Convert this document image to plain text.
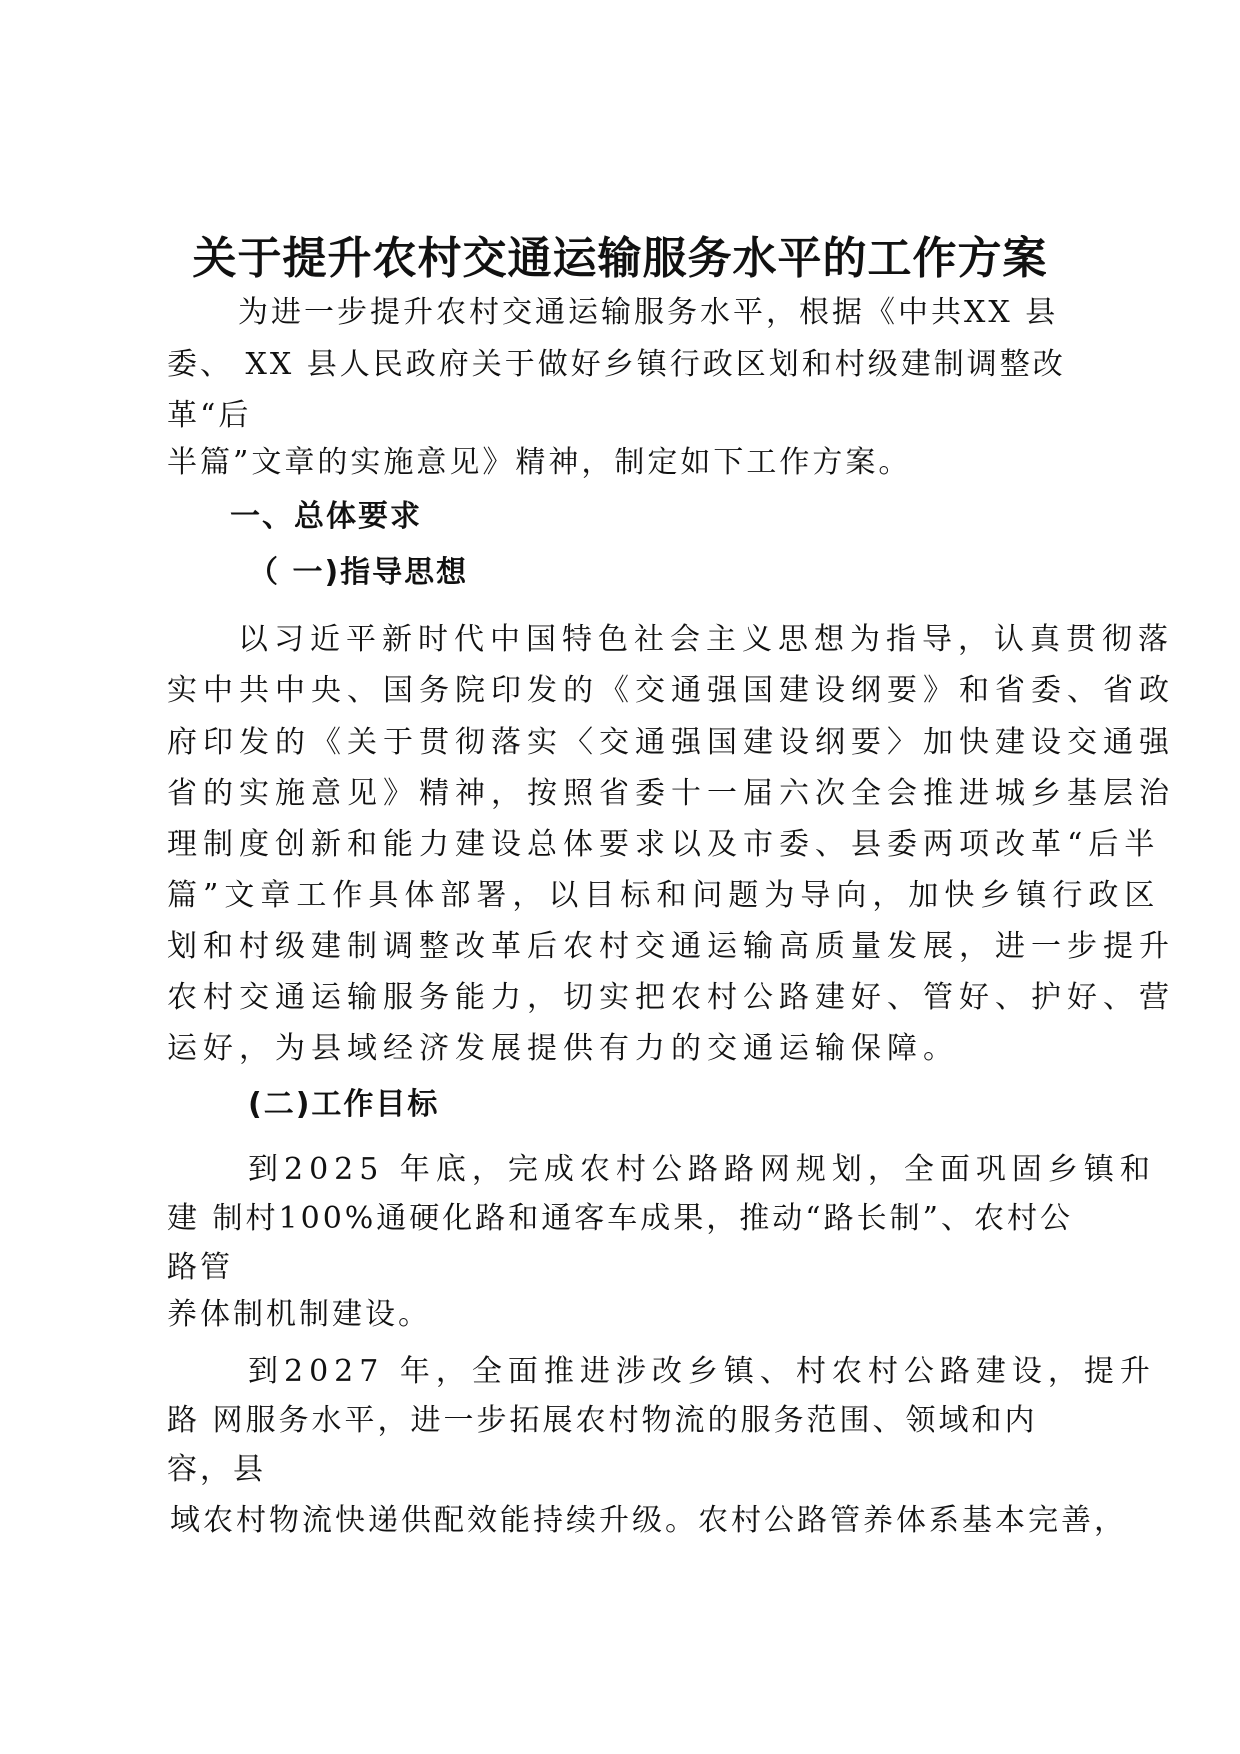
关于提升农村交通运输服务水平的工作方案
为进一步提升农村交通运输服务水平，根据《中共XX 县
委、 XX 县人民政府关于做好乡镇行政区划和村级建制调整改
革“后
半篇”文章的实施意见》精神，制定如下工作方案。
一、总体要求
（ 一)指导思想
以习近平新时代中国特色社会主义思想为指导，认真贯彻落
实中共中央、国务院印发的《交通强国建设纲要》和省委、省政
府印发的《关于贯彻落实〈交通强国建设纲要〉加快建设交通强
省的实施意见》精神，按照省委十一届六次全会推进城乡基层治
理制度创新和能力建设总体要求以及市委、县委两项改革“后半
篇”文章工作具体部署，以目标和问题为导向，加快乡镇行政区
划和村级建制调整改革后农村交通运输高质量发展，进一步提升
农村交通运输服务能力，切实把农村公路建好、管好、护好、营
运好，为县域经济发展提供有力的交通运输保障。
(二)工作目标
到2025 年底，完成农村公路路网规划，全面巩固乡镇和
建 制村100%通硬化路和通客车成果，推动“路长制”、农村公
路管
养体制机制建设。
到2027 年，全面推进涉改乡镇、村农村公路建设，提升
路 网服务水平，进一步拓展农村物流的服务范围、领域和内
容，县
域农村物流快递供配效能持续升级。农村公路管养体系基本完善，
